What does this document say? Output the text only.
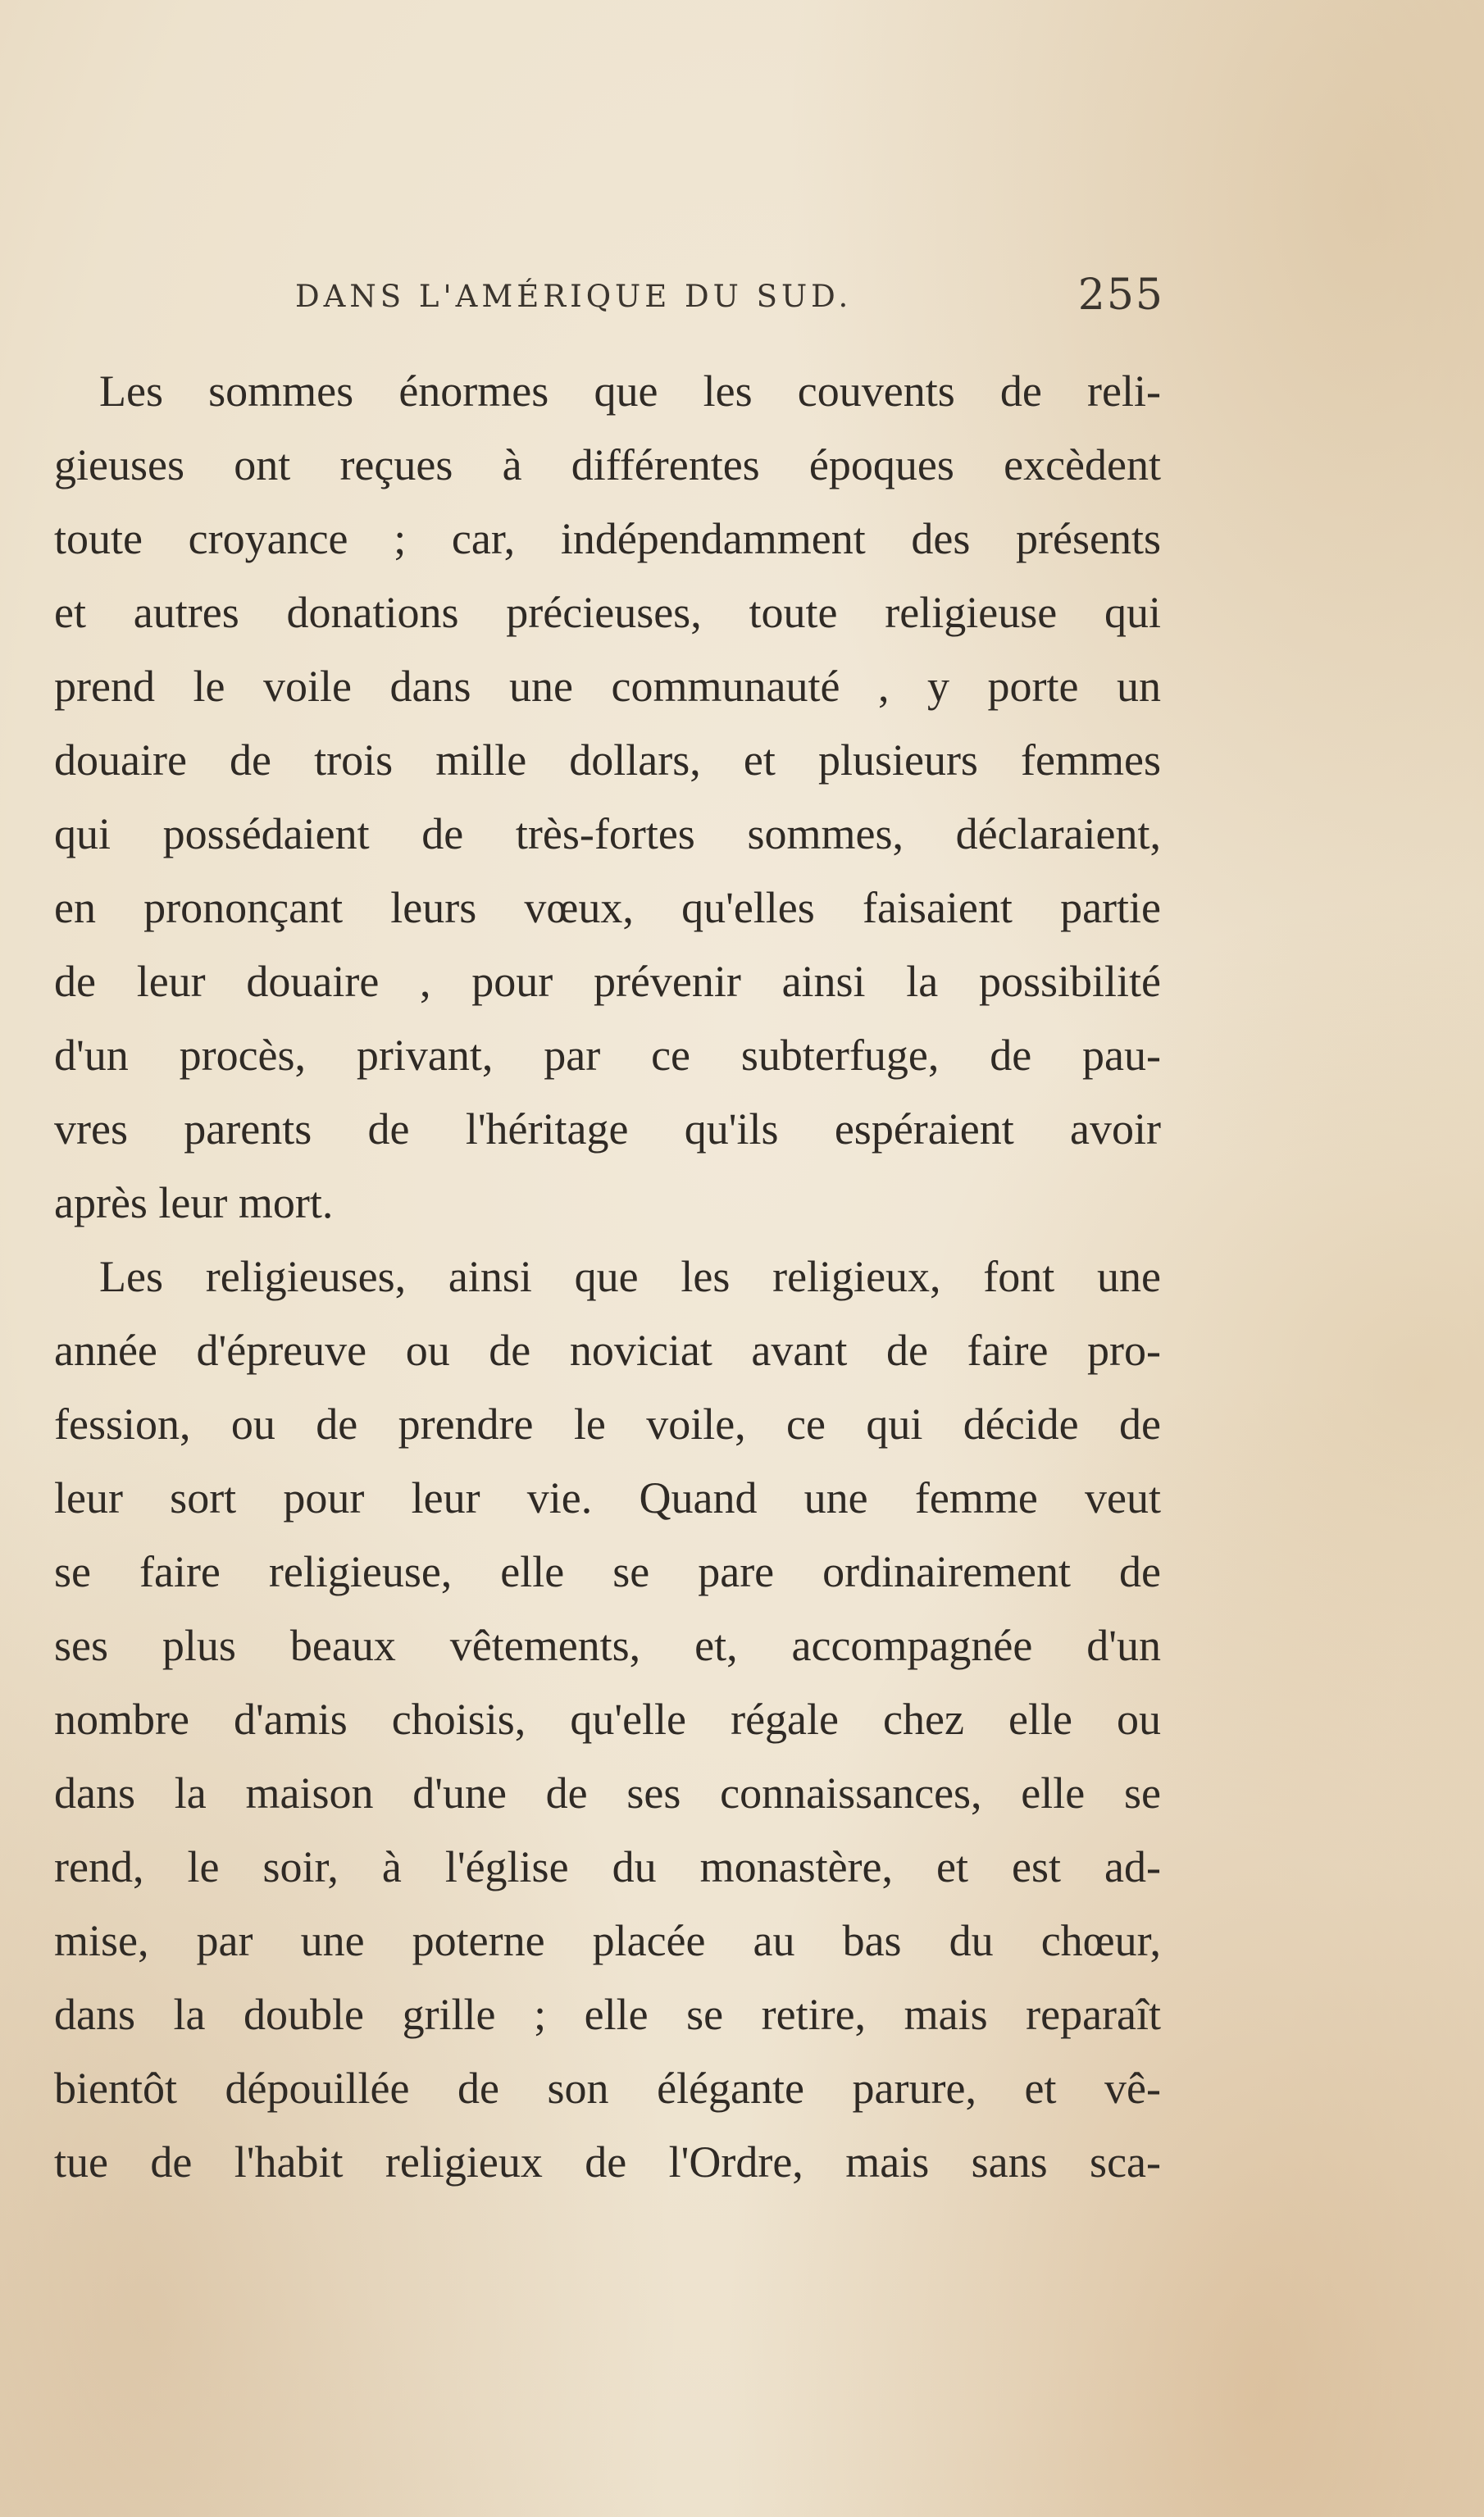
DANS L'AMÉRIQUE DU SUD.	255
Les sommes énormes que les couvents de reli-
gieuses ont reçues à différentes époques excèdent
toute croyance ; car, indépendamment des présents
et autres donations précieuses, toute religieuse qui
prend le voile dans une communauté , y porte un
douaire de trois mille dollars, et plusieurs femmes
qui possédaient de très-fortes sommes, déclaraient,
en prononçant leurs vœux, qu'elles faisaient partie
de leur douaire , pour prévenir ainsi la possibilité
d'un procès, privant, par ce subterfuge, de pau-
vres parents de l'héritage qu'ils espéraient avoir
après leur mort.
Les religieuses, ainsi que les religieux, font une
année d'épreuve ou de noviciat avant de faire pro-
fession, ou de prendre le voile, ce qui décide de
leur sort pour leur vie. Quand une femme veut
se faire religieuse, elle se pare ordinairement de
ses plus beaux vêtements, et, accompagnée d'un
nombre d'amis choisis, qu'elle régale chez elle ou
dans la maison d'une de ses connaissances, elle se
rend, le soir, à l'église du monastère, et est ad-
mise, par une poterne placée au bas du chœur,
dans la double grille ; elle se retire, mais reparaît
bientôt dépouillée de son élégante parure, et vê-
tue de l'habit religieux de l'Ordre, mais sans sca-
